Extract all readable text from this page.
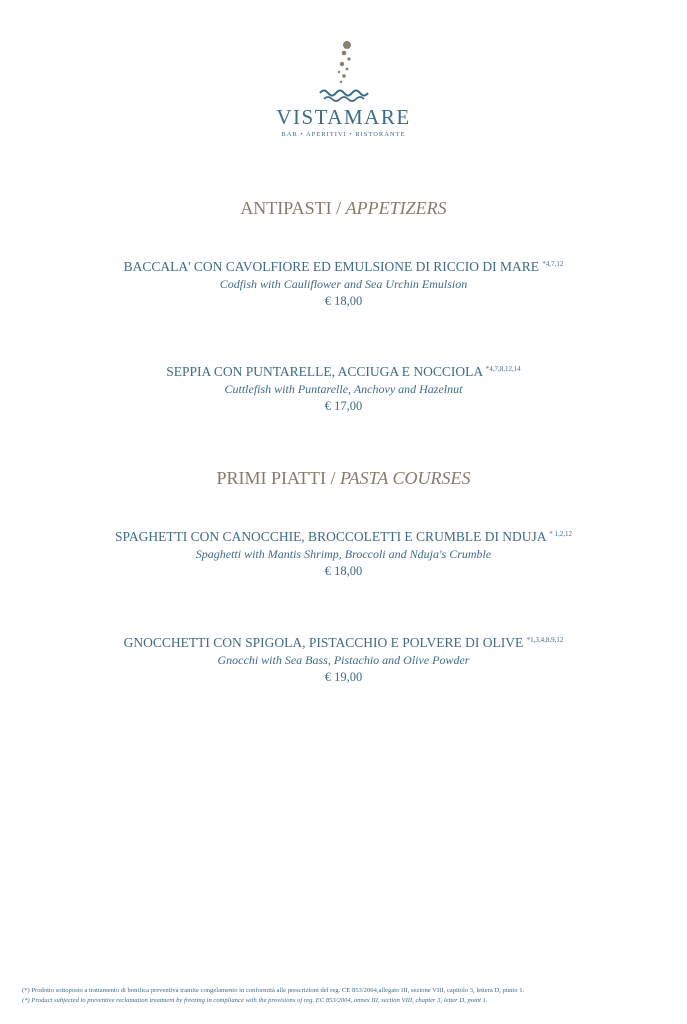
VISTAMARE
BAR • APERITIVI • RISTORANTE
ANTIPASTI / APPETIZERS
BACCALA' CON CAVOLFIORE ED EMULSIONE DI RICCIO DI MARE $^{*4,7,12}$
Codfish with Cauliflower and Sea Urchin Emulsion
€ 18,00
SEPPIA CON PUNTARELLE, ACCIUGA E NOCCIOLA $^{*4,7,8,12,14}$
Cuttlefish with Puntarelle, Anchovy and Hazelnut
€ 17,00
PRIMI PIATTI / PASTA COURSES
SPAGHETTI CON CANOCCHIE, BROCCOLETTI E CRUMBLE DI NDUJA $^{* 1,2,12}$
Spaghetti with Mantis Shrimp, Broccoli and Nduja's Crumble
€ 18,00
GNOCCHETTI CON SPIGOLA, PISTACCHIO E POLVERE DI OLIVE $^{*1,3,4,8,9,12}$
Gnocchi with Sea Bass, Pistachio and Olive Powder
€ 19,00
(*) Prodotto sottoposto a trattamento di bonifica preventiva tramite congelamento in conformità alle prescrizioni del reg. CE 853/2004,allegato III, sezione VIII, capitolo 3, lettera D, punto 1.
(*) Product subjected to preventive reclamation treatment by freezing in compliance with the provisions of reg. EC 853/2004, annex III, section VIII, chapter 3, letter D, point 1.
